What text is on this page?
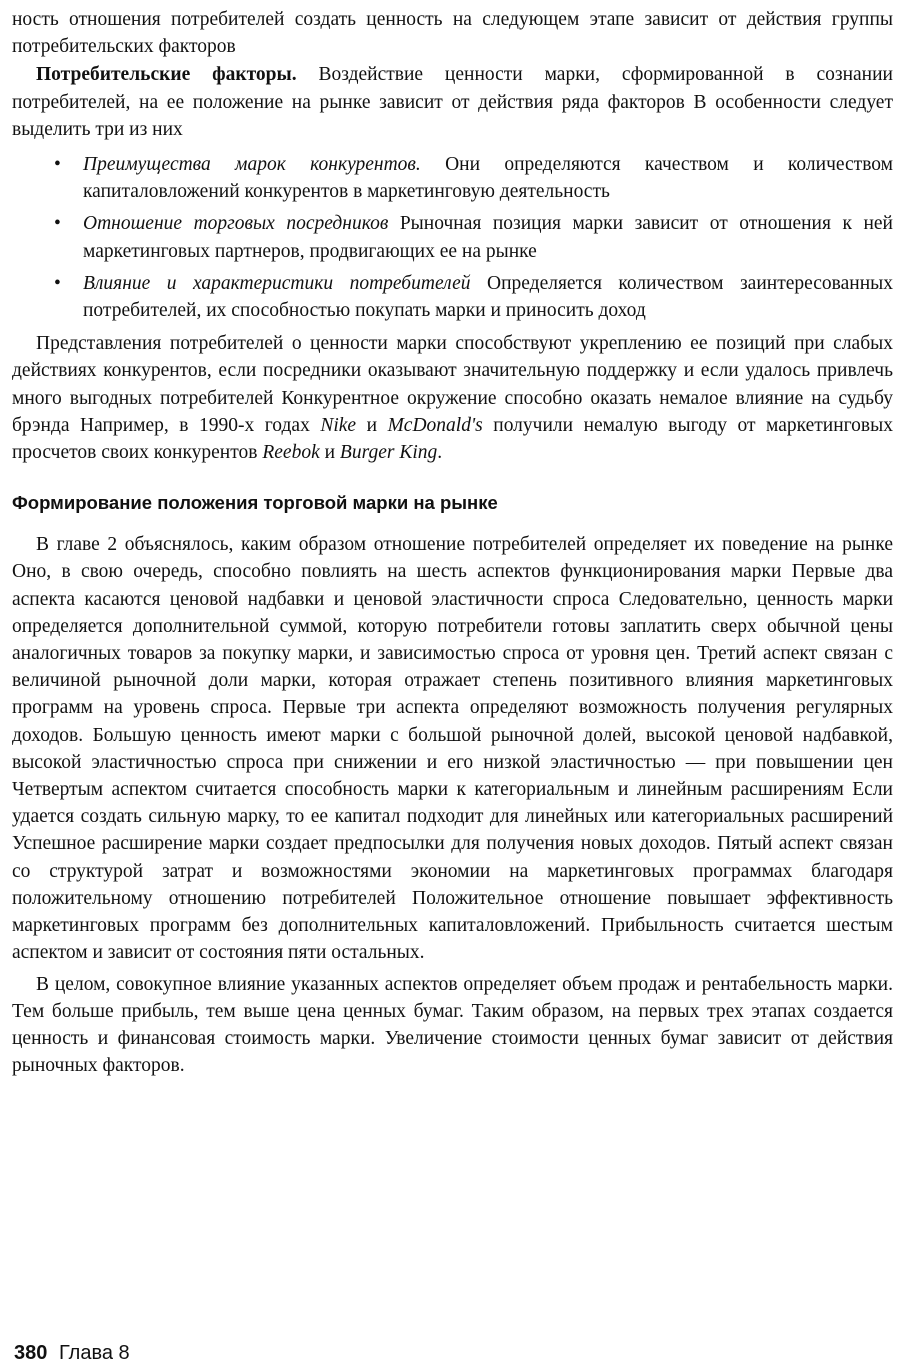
ность отношения потребителей создать ценность на следующем этапе зависит от действия группы потребительских факторов

Потребительские факторы. Воздействие ценности марки, сформированной в сознании потребителей, на ее положение на рынке зависит от действия ряда факторов В особенности следует выделить три из них

• Преимущества марок конкурентов. Они определяются качеством и количеством капиталовложений конкурентов в маркетинговую деятельность
• Отношение торговых посредников Рыночная позиция марки зависит от отношения к ней маркетинговых партнеров, продвигающих ее на рынке
• Влияние и характеристики потребителей Определяется количеством заинтересованных потребителей, их способностью покупать марки и приносить доход

Представления потребителей о ценности марки способствуют укреплению ее позиций при слабых действиях конкурентов, если посредники оказывают значительную поддержку и если удалось привлечь много выгодных потребителей Конкурентное окружение способно оказать немалое влияние на судьбу брэнда Например, в 1990-х годах Nike и McDonald's получили немалую выгоду от маркетинговых просчетов своих конкурентов Reebok и Burger King.

Формирование положения торговой марки на рынке

В главе 2 объяснялось, каким образом отношение потребителей определяет их поведение на рынке Оно, в свою очередь, способно повлиять на шесть аспектов функционирования марки Первые два аспекта касаются ценовой надбавки и ценовой эластичности спроса Следовательно, ценность марки определяется дополнительной суммой, которую потребители готовы заплатить сверх обычной цены аналогичных товаров за покупку марки, и зависимостью спроса от уровня цен. Третий аспект связан с величиной рыночной доли марки, которая отражает степень позитивного влияния маркетинговых программ на уровень спроса. Первые три аспекта определяют возможность получения регулярных доходов. Большую ценность имеют марки с большой рыночной долей, высокой ценовой надбавкой, высокой эластичностью спроса при снижении и его низкой эластичностью — при повышении цен Четвертым аспектом считается способность марки к категориальным и линейным расширениям Если удается создать сильную марку, то ее капитал подходит для линейных или категориальных расширений Успешное расширение марки создает предпосылки для получения новых доходов. Пятый аспект связан со структурой затрат и возможностями экономии на маркетинговых программах благодаря положительному отношению потребителей Положительное отношение повышает эффективность маркетинговых программ без дополнительных капиталовложений. Прибыльность считается шестым аспектом и зависит от состояния пяти остальных.

В целом, совокупное влияние указанных аспектов определяет объем продаж и рентабельность марки. Тем больше прибыль, тем выше цена ценных бумаг. Таким образом, на первых трех этапах создается ценность и финансовая стоимость марки. Увеличение стоимости ценных бумаг зависит от действия рыночных факторов.

380 Глава 8
